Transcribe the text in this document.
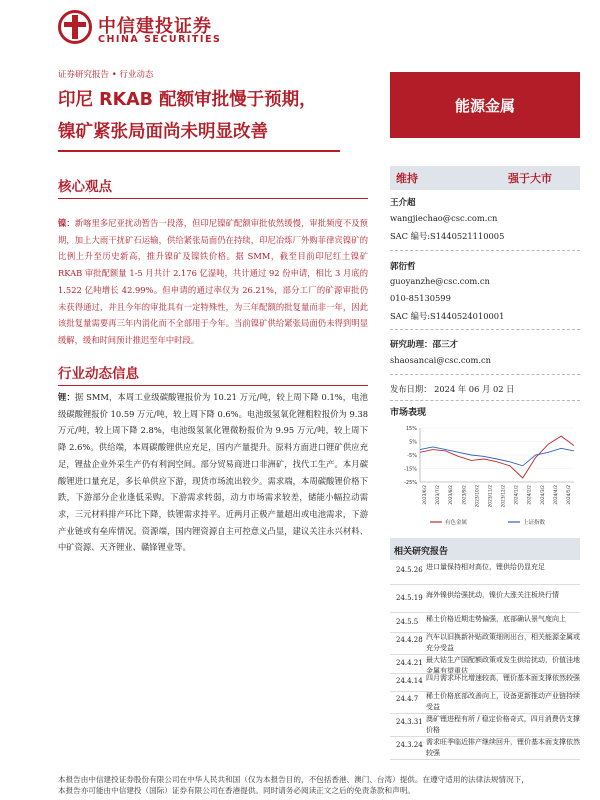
中信建投证券
CHINA SECURITIES
证券研究报告 • 行业动态
印尼 RKAB 配额审批慢于预期，
镍矿紧张局面尚未明显改善
能源金属
核心观点
镍：新喀里多尼亚扰动暂告一段落，但印尼镍矿配额审批依然缓慢，审批频度不及预期，加上大雨干扰矿石运输，供给紧张局面仍在持续，印尼冶炼厂外购菲律宾镍矿的比例上升至历史新高，推升镍矿及镍铁价格。据 SMM，截至目前印尼红土镍矿 RKAB 审批配额量 1-5 月共计 2.176 亿湿吨，共计通过 92 份申请，相比 3 月底的 1.522 亿吨增长 42.99%。但申请的通过率仅为 26.21%，部分工厂的矿源审批仍未获得通过，并且今年的审批具有一定特殊性，为三年配额的批复量而非一年，因此该批复量需要再三年内消化而不全部用于今年。当前镍矿供给紧张局面仍未得到明显缓解，缓和时间预计推迟至年中时段。
行业动态信息
锂：据 SMM，本周工业级碳酸锂报价为 10.21 万元/吨，较上周下降 0.1%，电池级碳酸锂报价 10.59 万元/吨，较上周下降 0.6%。电池级氢氧化锂粗粒报价为 9.38 万元/吨，较上周下降 2.8%，电池级氢氧化锂微粉报价为 9.95 万元/吨，较上周下降 2.6%。供给端，本周碳酸锂供应充足，国内产量提升。原料方面进口锂矿供应充足，锂盐企业外采生产仍有利润空间。部分贸易商进口非洲矿，找代工生产。本月碳酸锂进口量充足，多长单供应下游，现货市场流出较少。需求端，本周碳酸锂价格下跌，下游部分企业逢低采购。下游需求转弱，动力市场需求较差，储能小幅拉动需求，三元材料排产环比下降，铁锂需求持平。近两月正极产量超出或电池需求，下游产业链或有垒库情况。资源端，国内锂资源自主可控意义凸显，建议关注永兴材料、中矿资源、天齐锂业、赣锋锂业等。
维持	强于大市
王介超
wangjiechao@csc.com.cn
SAC 编号:S1440521110005
郭衍哲
guoyanzhe@csc.com.cn
010-85130599
SAC 编号:S1440524010001
研究助理：邵三才
shaosancai@csc.com.cn
发布日期： 2024 年 06 月 02 日
市场表现
15%
5%
-5%
-15%
-25%
2023/6/2 2023/7/2 2023/8/2 2023/9/2 2023/10/2 2023/11/2 2023/12/2 2024/1/2 2024/2/2 2024/3/2 2024/4/2 2024/5/2
有色金属	上证指数
相关研究报告
24.5.26 进口量保持相对高位，锂供给仍显充足
24.5.19 海外镍供给强扰动，镍价大涨关注板块行情
24.5.5 稀土价格近期走势偏强，底部确认景气度向上
24.4.28 汽车以旧换新补贴政策细则出台，相关能源金属或充分受益
24.4.21 最大钴生产国配额政策或发生供给扰动，价值洼地金属有望重估
24.4.14 四月需求环比增速较高，锂价基本面支撑依然较强
24.4.7 稀土价格底部改善向上，设备更新推动产业链持续受益
24.3.31 澳矿锂进程有所 / 稳定价格奇式，四月消费仍支撑价格
24.3.24 需求旺季临近排产继续回升，锂价基本面支撑依然较强
本报告由中信建投证券股份有限公司在中华人民共和国（仅为本报告目的，不包括香港、澳门、台湾）提供。在遵守适用的法律法规情况下，
本报告亦可能由中信建投（国际）证券有限公司在香港提供。同时请务必阅读正文之后的免责条款和声明。
